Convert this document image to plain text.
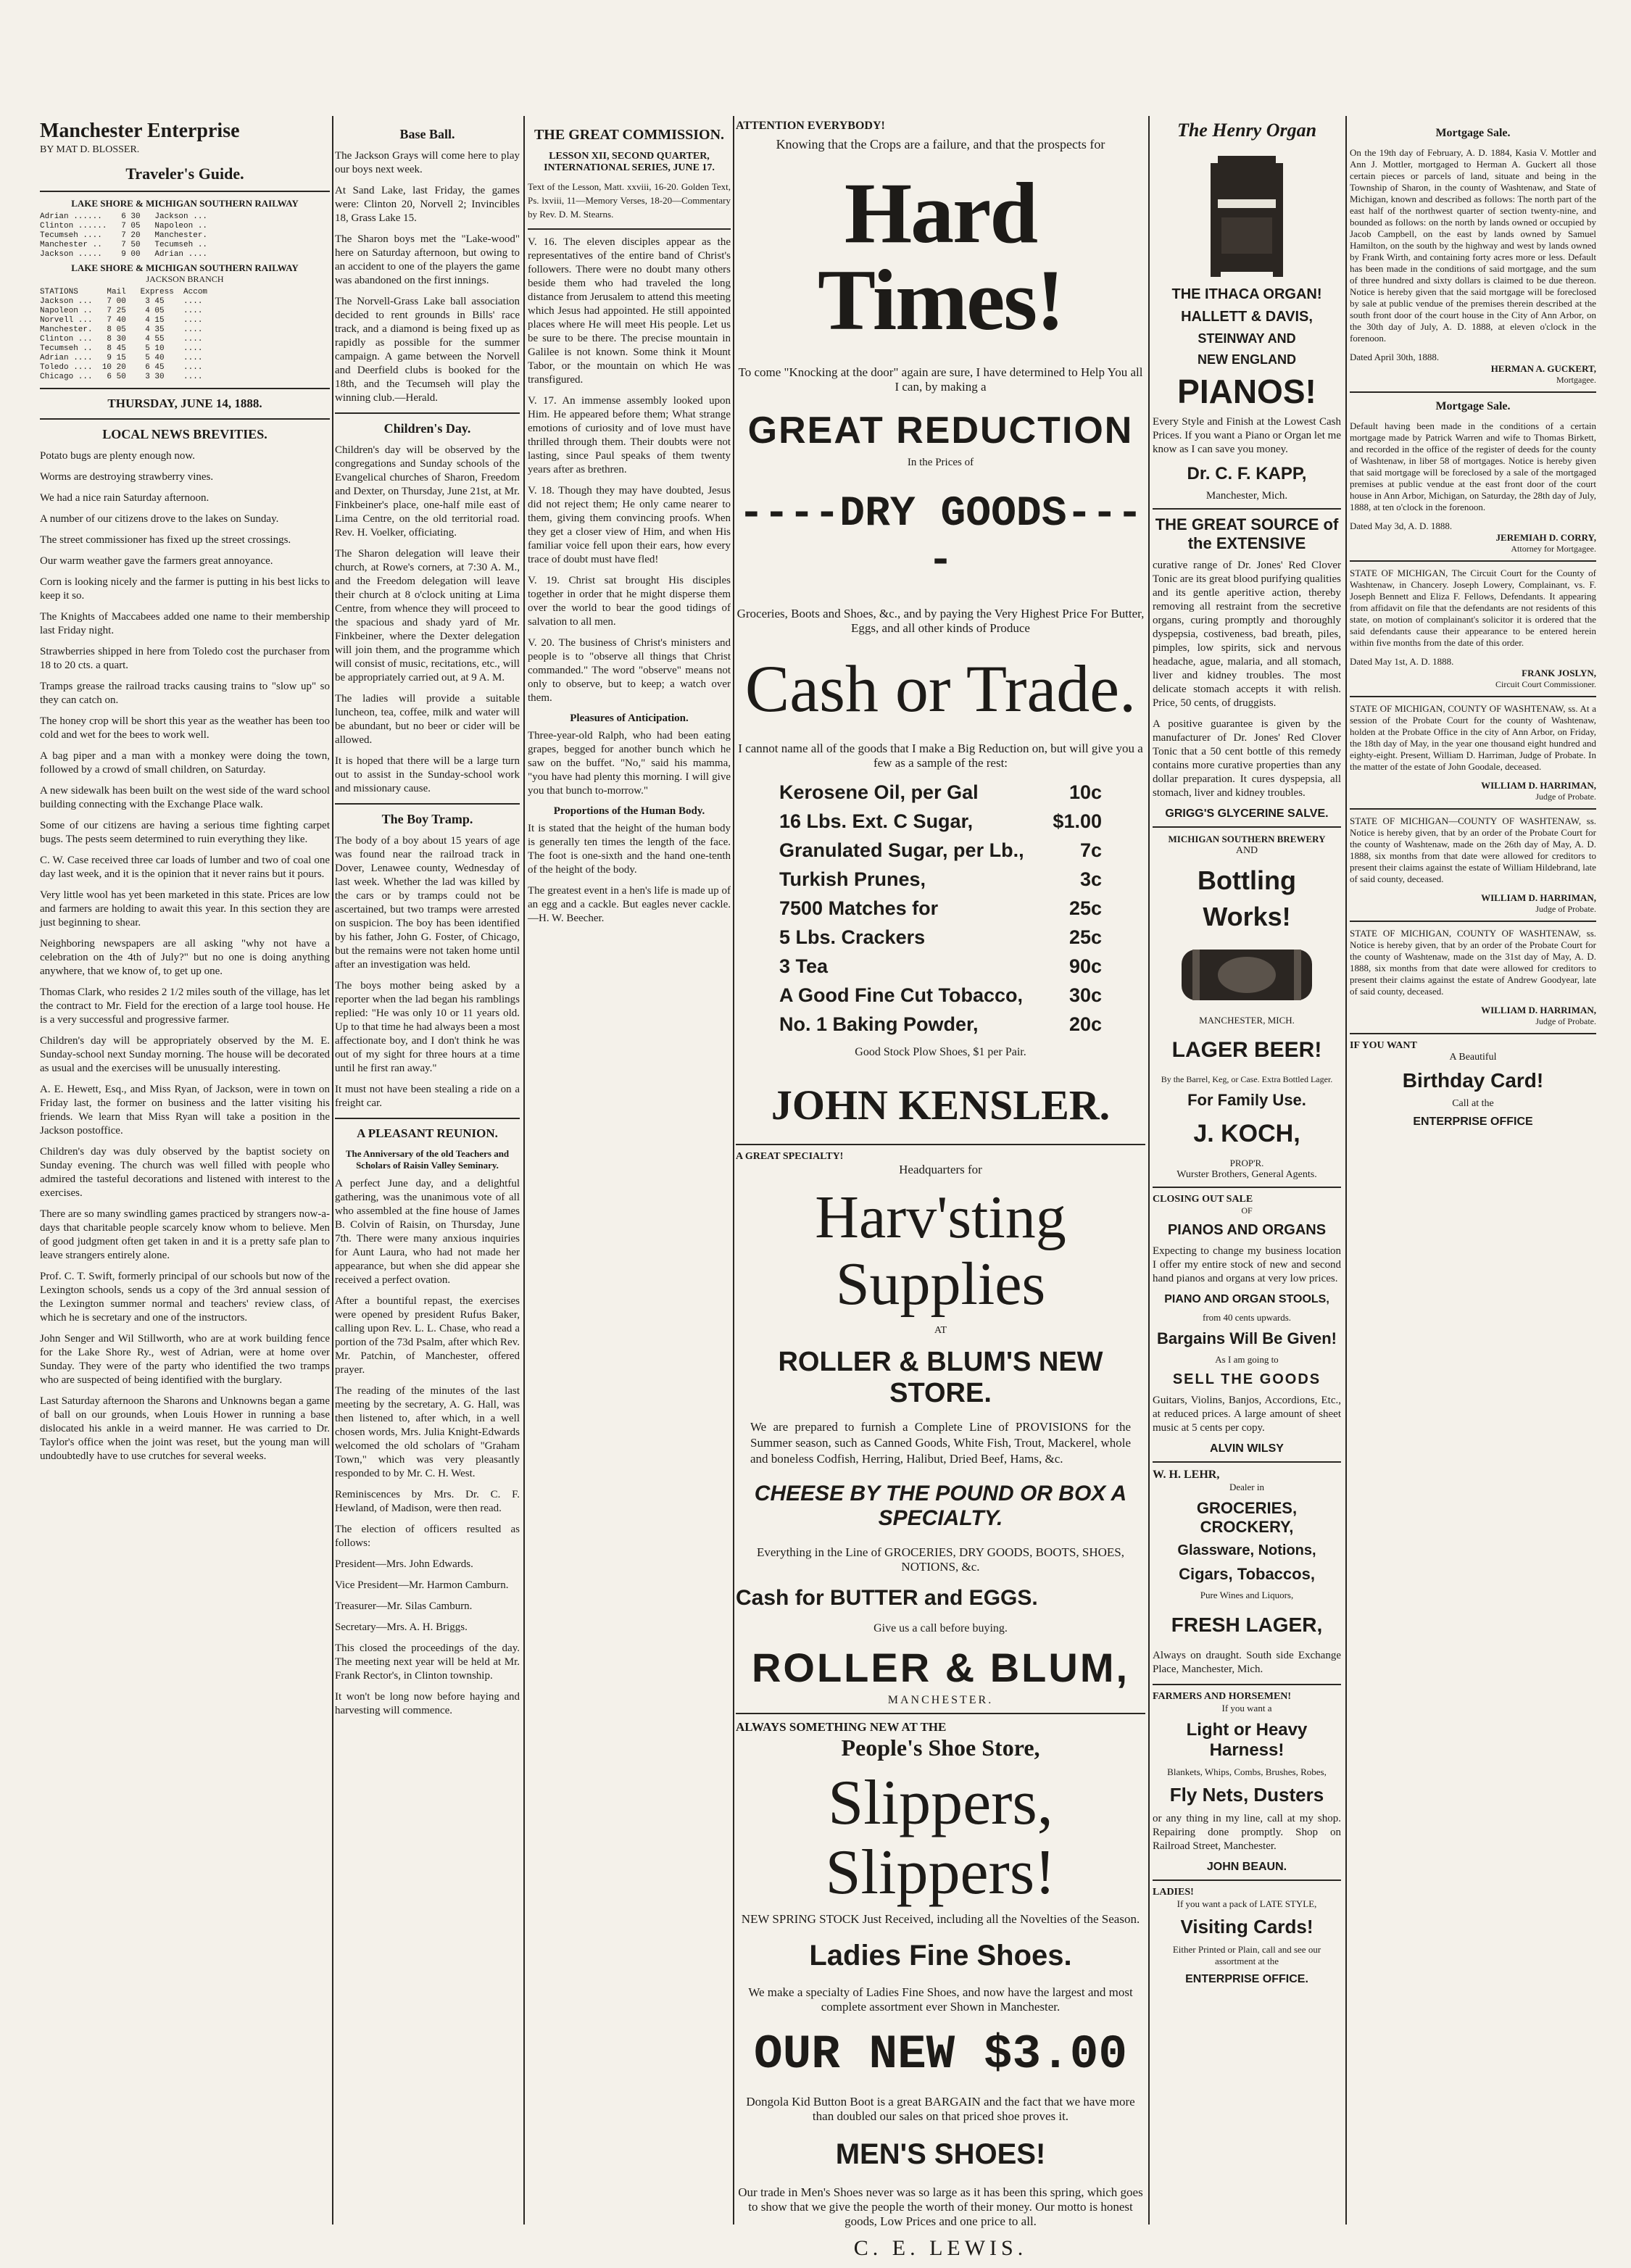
Manchester Enterprise
BY MAT D. BLOSSER.
Traveler's Guide.
LAKE SHORE & MICHIGAN SOUTHERN RAILWAY
Adrian ......    6 30   Jackson ...
Clinton ......   7 05   Napoleon ..
Tecumseh ....    7 20   Manchester.
Manchester ..    7 50   Tecumseh ..
Jackson .....    9 00   Adrian ....
LAKE SHORE & MICHIGAN SOUTHERN RAILWAY
JACKSON BRANCH
STATIONS      Mail   Express  Accom
Jackson ...   7 00    3 45    ....
Napoleon ..   7 25    4 05    ....
Norvell ...   7 40    4 15    ....
Manchester.   8 05    4 35    ....
Clinton ...   8 30    4 55    ....
Tecumseh ..   8 45    5 10    ....
Adrian ....   9 15    5 40    ....
Toledo ....  10 20    6 45    ....
Chicago ...   6 50    3 30    ....
THURSDAY, JUNE 14, 1888.
LOCAL NEWS BREVITIES.

Potato bugs are plenty enough now.

Worms are destroying strawberry vines.

We had a nice rain Saturday afternoon.

A number of our citizens drove to the lakes on Sunday.

The street commissioner has fixed up the street crossings.

Our warm weather gave the farmers great annoyance.

Corn is looking nicely and the farmer is putting in his best licks to keep it so.

The Knights of Maccabees added one name to their membership last Friday night.

Strawberries shipped in here from Toledo cost the purchaser from 18 to 20 cts. a quart.

Tramps grease the railroad tracks causing trains to "slow up" so they can catch on.

The honey crop will be short this year as the weather has been too cold and wet for the bees to work well.

A bag piper and a man with a monkey were doing the town, followed by a crowd of small children, on Saturday.

A new sidewalk has been built on the west side of the ward school building connecting with the Exchange Place walk.

Some of our citizens are having a serious time fighting carpet bugs. The pests seem determined to ruin everything they like.

C. W. Case received three car loads of lumber and two of coal one day last week, and it is the opinion that it never rains but it pours.

Very little wool has yet been marketed in this state. Prices are low and farmers are holding to await this year. In this section they are just beginning to shear.

Neighboring newspapers are all asking "why not have a celebration on the 4th of July?" but no one is doing anything anywhere, that we know of, to get up one.

Thomas Clark, who resides 2 1/2 miles south of the village, has let the contract to Mr. Field for the erection of a large tool house. He is a very successful and progressive farmer.

Children's day will be appropriately observed by the M. E. Sunday-school next Sunday morning. The house will be decorated as usual and the exercises will be unusually interesting.

A. E. Hewett, Esq., and Miss Ryan, of Jackson, were in town on Friday last, the former on business and the latter visiting his friends. We learn that Miss Ryan will take a position in the Jackson postoffice.

Children's day was duly observed by the baptist society on Sunday evening. The church was well filled with people who admired the tasteful decorations and listened with interest to the exercises.

There are so many swindling games practiced by strangers now-a-days that charitable people scarcely know whom to believe. Men of good judgment often get taken in and it is a pretty safe plan to leave strangers entirely alone.

Prof. C. T. Swift, formerly principal of our schools but now of the Lexington schools, sends us a copy of the 3rd annual session of the Lexington summer normal and teachers' review class, of which he is secretary and one of the instructors.

John Senger and Wil Stillworth, who are at work building fence for the Lake Shore Ry., west of Adrian, were at home over Sunday. They were of the party who identified the two tramps who are suspected of being identified with the burglary.

Last Saturday afternoon the Sharons and Unknowns began a game of ball on our grounds, when Louis Hower in running a base dislocated his ankle in a weird manner. He was carried to Dr. Taylor's office when the joint was reset, but the young man will undoubtedly have to use crutches for several weeks.

Base Ball.

The Jackson Grays will come here to play our boys next week.

At Sand Lake, last Friday, the games were: Clinton 20, Norvell 2; Invincibles 18, Grass Lake 15.

The Sharon boys met the "Lake-wood" here on Saturday afternoon, but owing to an accident to one of the players the game was abandoned on the first innings.

The Norvell-Grass Lake ball association decided to rent grounds in Bills' race track, and a diamond is being fixed up as rapidly as possible for the summer campaign. A game between the Norvell and Deerfield clubs is booked for the 18th, and the Tecumseh will play the winning club.—Herald.

Children's Day.

Children's day will be observed by the congregations and Sunday schools of the Evangelical churches of Sharon, Freedom and Dexter, on Thursday, June 21st, at Mr. Finkbeiner's place, one-half mile east of Lima Centre, on the old territorial road. Rev. H. Voelker, officiating.

The Sharon delegation will leave their church, at Rowe's corners, at 7:30 A. M., and the Freedom delegation will leave their church at 8 o'clock uniting at Lima Centre, from whence they will proceed to the spacious and shady yard of Mr. Finkbeiner, where the Dexter delegation will join them, and the programme which will consist of music, recitations, etc., will be appropriately carried out, at 9 A. M.

The ladies will provide a suitable luncheon, tea, coffee, milk and water will be abundant, but no beer or cider will be allowed.

It is hoped that there will be a large turn out to assist in the Sunday-school work and missionary cause.

The Boy Tramp.

The body of a boy about 15 years of age was found near the railroad track in Dover, Lenawee county, Wednesday of last week. Whether the lad was killed by the cars or by tramps could not be ascertained, but two tramps were arrested on suspicion. The boy has been identified by his father, John G. Foster, of Chicago, but the remains were not taken home until after an investigation was held.

The boys mother being asked by a reporter when the lad began his ramblings replied: "He was only 10 or 11 years old. Up to that time he had always been a most affectionate boy, and I don't think he was out of my sight for three hours at a time until he first ran away."

It must not have been stealing a ride on a freight car.

A PLEASANT REUNION.
The Anniversary of the old Teachers and Scholars of Raisin Valley Seminary.

A perfect June day, and a delightful gathering, was the unanimous vote of all who assembled at the fine house of James B. Colvin of Raisin, on Thursday, June 7th. There were many anxious inquiries for Aunt Laura, who had not made her appearance, but when she did appear she received a perfect ovation.

After a bountiful repast, the exercises were opened by president Rufus Baker, calling upon Rev. L. L. Chase, who read a portion of the 73d Psalm, after which Rev. Mr. Patchin, of Manchester, offered prayer.

The reading of the minutes of the last meeting by the secretary, A. G. Hall, was then listened to, after which, in a well chosen words, Mrs. Julia Knight-Edwards welcomed the old scholars of "Graham Town," which was very pleasantly responded to by Mr. C. H. West.

Reminiscences by Mrs. Dr. C. F. Hewland, of Madison, were then read.

The election of officers resulted as follows:

President—Mrs. John Edwards.

Vice President—Mr. Harmon Camburn.

Treasurer—Mr. Silas Camburn.

Secretary—Mrs. A. H. Briggs.

This closed the proceedings of the day. The meeting next year will be held at Mr. Frank Rector's, in Clinton township.

It won't be long now before haying and harvesting will commence.

THE GREAT COMMISSION.
LESSON XII, SECOND QUARTER, INTERNATIONAL SERIES, JUNE 17.

Text of the Lesson, Matt. xxviii, 16-20. Golden Text, Ps. lxviii, 11—Memory Verses, 18-20—Commentary by Rev. D. M. Stearns.

V. 16. The eleven disciples appear as the representatives of the entire band of Christ's followers. There were no doubt many others beside them who had traveled the long distance from Jerusalem to attend this meeting which Jesus had appointed. He still appointed places where He will meet His people. Let us be sure to be there. The precise mountain in Galilee is not known. Some think it Mount Tabor, or the mountain on which He was transfigured.

V. 17. An immense assembly looked upon Him. He appeared before them; What strange emotions of curiosity and of love must have thrilled through them. Their doubts were not lasting, since Paul speaks of them twenty years after as brethren.

V. 18. Though they may have doubted, Jesus did not reject them; He only came nearer to them, giving them convincing proofs. When they get a closer view of Him, and when His familiar voice fell upon their ears, how every trace of doubt must have fled!

V. 19. Christ sat brought His disciples together in order that he might disperse them over the world to bear the good tidings of salvation to all men.

V. 20. The business of Christ's ministers and people is to "observe all things that Christ commanded." The word "observe" means not only to observe, but to keep; a watch over them.

Pleasures of Anticipation.

Three-year-old Ralph, who had been eating grapes, begged for another bunch which he saw on the buffet. "No," said his mamma, "you have had plenty this morning. I will give you that bunch to-morrow."

Proportions of the Human Body.

It is stated that the height of the human body is generally ten times the length of the face. The foot is one-sixth and the hand one-tenth of the height of the body.

The greatest event in a hen's life is made up of an egg and a cackle. But eagles never cackle.—H. W. Beecher.

ATTENTION EVERYBODY!
Knowing that the Crops are a failure, and that the prospects for
Hard Times!
To come "Knocking at the door" again are sure, I have determined to Help You all I can, by making a
GREAT REDUCTION
In the Prices of
----DRY GOODS----
Groceries, Boots and Shoes, &c., and by paying the Very Highest Price For Butter, Eggs, and all other kinds of Produce
Cash or Trade.
I cannot name all of the goods that I make a Big Reduction on, but will give you a few as a sample of the rest:
Kerosene Oil, per Gal	10c
16 Lbs. Ext. C Sugar,	$1.00
Granulated Sugar, per Lb.,	7c
Turkish Prunes,	3c
7500 Matches for	25c
5 Lbs. Crackers	25c
3 Tea	90c
A Good Fine Cut Tobacco, 30c
No. 1 Baking Powder,	20c
Good Stock Plow Shoes, $1 per Pair.
JOHN KENSLER.
A GREAT SPECIALTY!
Headquarters for
Harv'sting Supplies
AT
ROLLER & BLUM'S NEW STORE.

We are prepared to furnish a Complete Line of PROVISIONS for the Summer season, such as Canned Goods, White Fish, Trout, Mackerel, whole and boneless Codfish, Herring, Halibut, Dried Beef, Hams, &c.

CHEESE BY THE POUND OR BOX A SPECIALTY.
Everything in the Line of GROCERIES, DRY GOODS, BOOTS, SHOES, NOTIONS, &c.
Cash for BUTTER and EGGS.
Give us a call before buying.
ROLLER & BLUM,
MANCHESTER.
ALWAYS SOMETHING NEW AT THE
People's Shoe Store,
Slippers, Slippers!
NEW SPRING STOCK Just Received, including all the Novelties of the Season.
Ladies Fine Shoes.
We make a specialty of Ladies Fine Shoes, and now have the largest and most complete assortment ever Shown in Manchester.
OUR NEW $3.00
Dongola Kid Button Boot is a great BARGAIN and the fact that we have more than doubled our sales on that priced shoe proves it.
MEN'S SHOES!
Our trade in Men's Shoes never was so large as it has been this spring, which goes to show that we give the people the worth of their money. Our motto is honest goods, Low Prices and one price to all.
C. E. LEWIS.
The Henry Organ
THE ITHACA ORGAN!
HALLETT & DAVIS,
STEINWAY AND
NEW ENGLAND
PIANOS!

Every Style and Finish at the Lowest Cash Prices. If you want a Piano or Organ let me know as I can save you money.

Dr. C. F. KAPP,
Manchester, Mich.
THE GREAT SOURCE of the EXTENSIVE

curative range of Dr. Jones' Red Clover Tonic are its great blood purifying qualities and its gentle aperitive action, thereby removing all restraint from the secretive organs, curing promptly and thoroughly dyspepsia, costiveness, bad breath, piles, pimples, low spirits, sick and nervous headache, ague, malaria, and all stomach, liver and kidney troubles. The most delicate stomach accepts it with relish. Price, 50 cents, of druggists.

A positive guarantee is given by the manufacturer of Dr. Jones' Red Clover Tonic that a 50 cent bottle of this remedy contains more curative properties than any dollar preparation. It cures dyspepsia, all stomach, liver and kidney troubles.

GRIGG'S GLYCERINE SALVE.
MICHIGAN SOUTHERN BREWERY
AND
Bottling Works!
MANCHESTER, MICH.
LAGER BEER!
By the Barrel, Keg, or Case. Extra Bottled Lager.
For Family Use.
J. KOCH,
PROP'R.
Wurster Brothers, General Agents.
CLOSING OUT SALE
OF
PIANOS AND ORGANS

Expecting to change my business location I offer my entire stock of new and second hand pianos and organs at very low prices.

PIANO AND ORGAN STOOLS,
from 40 cents upwards.
Bargains Will Be Given!
As I am going to
SELL THE GOODS

Guitars, Violins, Banjos, Accordions, Etc., at reduced prices. A large amount of sheet music at 5 cents per copy.

ALVIN WILSY
W. H. LEHR,
Dealer in
GROCERIES, CROCKERY,
Glassware, Notions,
Cigars, Tobaccos,
Pure Wines and Liquors,
FRESH LAGER,

Always on draught. South side Exchange Place, Manchester, Mich.

FARMERS AND HORSEMEN!
If you want a
Light or Heavy Harness!
Blankets, Whips, Combs, Brushes, Robes,
Fly Nets, Dusters

or any thing in my line, call at my shop. Repairing done promptly. Shop on Railroad Street, Manchester.

JOHN BEAUN.
LADIES!
If you want a pack of LATE STYLE,
Visiting Cards!
Either Printed or Plain, call and see our assortment at the
ENTERPRISE OFFICE.
Mortgage Sale.

On the 19th day of February, A. D. 1884, Kasia V. Mottler and Ann J. Mottler, mortgaged to Herman A. Guckert all those certain pieces or parcels of land, situate and being in the Township of Sharon, in the county of Washtenaw, and State of Michigan, known and described as follows: The north part of the east half of the northwest quarter of section twenty-nine, and bounded as follows: on the north by lands owned or occupied by Jacob Campbell, on the east by lands owned by Samuel Hamilton, on the south by the highway and west by lands owned by Frank Wirth, and containing forty acres more or less. Default has been made in the conditions of said mortgage, and the sum of three hundred and sixty dollars is claimed to be due thereon. Notice is hereby given that the said mortgage will be foreclosed by sale at public vendue of the premises therein described at the south front door of the court house in the City of Ann Arbor, on the 30th day of July, A. D. 1888, at eleven o'clock in the forenoon.

Dated April 30th, 1888.
HERMAN A. GUCKERT,
Mortgagee.
Mortgage Sale.

Default having been made in the conditions of a certain mortgage made by Patrick Warren and wife to Thomas Birkett, and recorded in the office of the register of deeds for the county of Washtenaw, in liber 58 of mortgages. Notice is hereby given that said mortgage will be foreclosed by a sale of the mortgaged premises at public vendue at the east front door of the court house in Ann Arbor, Michigan, on Saturday, the 28th day of July, 1888, at ten o'clock in the forenoon.

Dated May 3d, A. D. 1888.
JEREMIAH D. CORRY,
Attorney for Mortgagee.

STATE OF MICHIGAN, The Circuit Court for the County of Washtenaw, in Chancery. Joseph Lowery, Complainant, vs. F. Joseph Bennett and Eliza F. Fellows, Defendants. It appearing from affidavit on file that the defendants are not residents of this state, on motion of complainant's solicitor it is ordered that the said defendants cause their appearance to be entered herein within five months from the date of this order.

Dated May 1st, A. D. 1888.
FRANK JOSLYN,
Circuit Court Commissioner.

STATE OF MICHIGAN, COUNTY OF WASHTENAW, ss. At a session of the Probate Court for the county of Washtenaw, holden at the Probate Office in the city of Ann Arbor, on Friday, the 18th day of May, in the year one thousand eight hundred and eighty-eight. Present, William D. Harriman, Judge of Probate. In the matter of the estate of John Goodale, deceased.

WILLIAM D. HARRIMAN,
Judge of Probate.

STATE OF MICHIGAN—COUNTY OF WASHTENAW, ss. Notice is hereby given, that by an order of the Probate Court for the county of Washtenaw, made on the 26th day of May, A. D. 1888, six months from that date were allowed for creditors to present their claims against the estate of William Hildebrand, late of said county, deceased.

WILLIAM D. HARRIMAN,
Judge of Probate.

STATE OF MICHIGAN, COUNTY OF WASHTENAW, ss. Notice is hereby given, that by an order of the Probate Court for the county of Washtenaw, made on the 31st day of May, A. D. 1888, six months from that date were allowed for creditors to present their claims against the estate of Andrew Goodyear, late of said county, deceased.

WILLIAM D. HARRIMAN,
Judge of Probate.
IF YOU WANT
A Beautiful
Birthday Card!
Call at the
ENTERPRISE OFFICE
